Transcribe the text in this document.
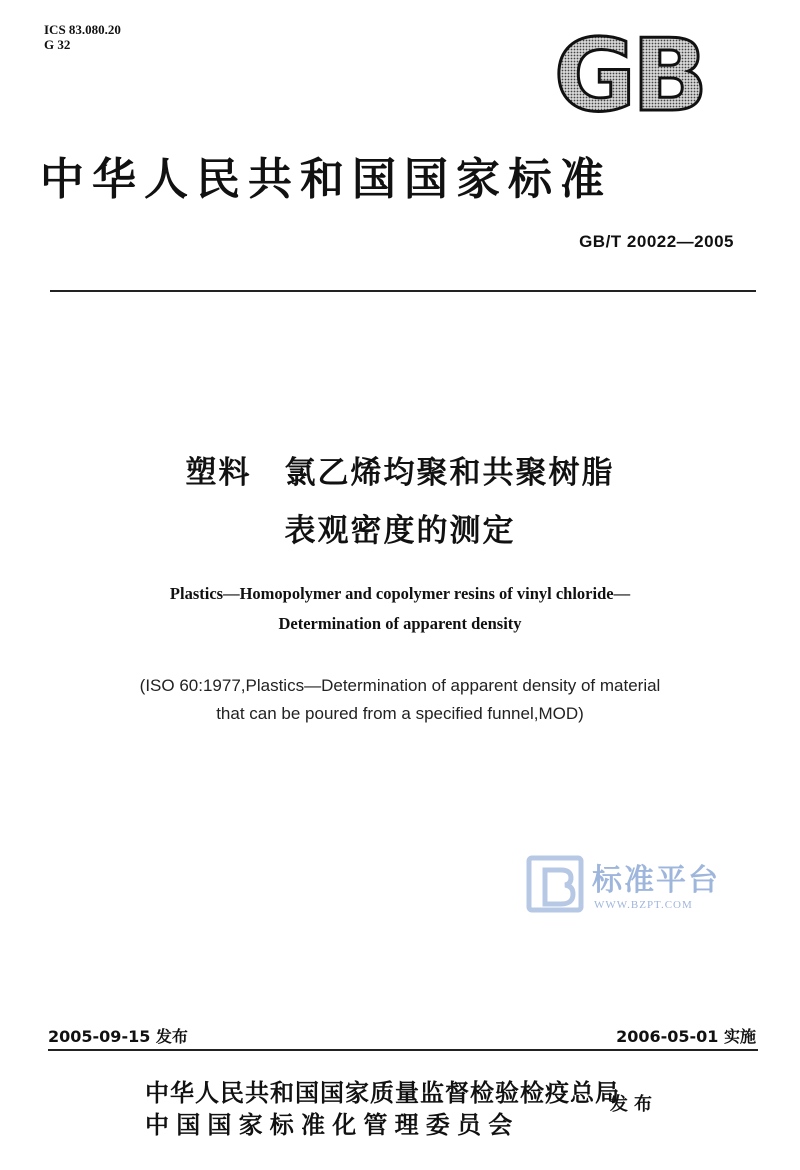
ICS 83.080.20
G 32	GB
中华人民共和国国家标准
GB/T 20022—2005
塑料　氯乙烯均聚和共聚树脂
表观密度的测定
Plastics—Homopolymer and copolymer resins of vinyl chloride—
Determination of apparent density
(ISO 60:1977,Plastics—Determination of apparent density of material
that can be poured from a specified funnel,MOD)
标准平台
WWW.BZPT.COM
2005-09-15 发布	2006-05-01 实施
中华人民共和国国家质量监督检验检疫总局
中国国家标准化管理委员会
发布
